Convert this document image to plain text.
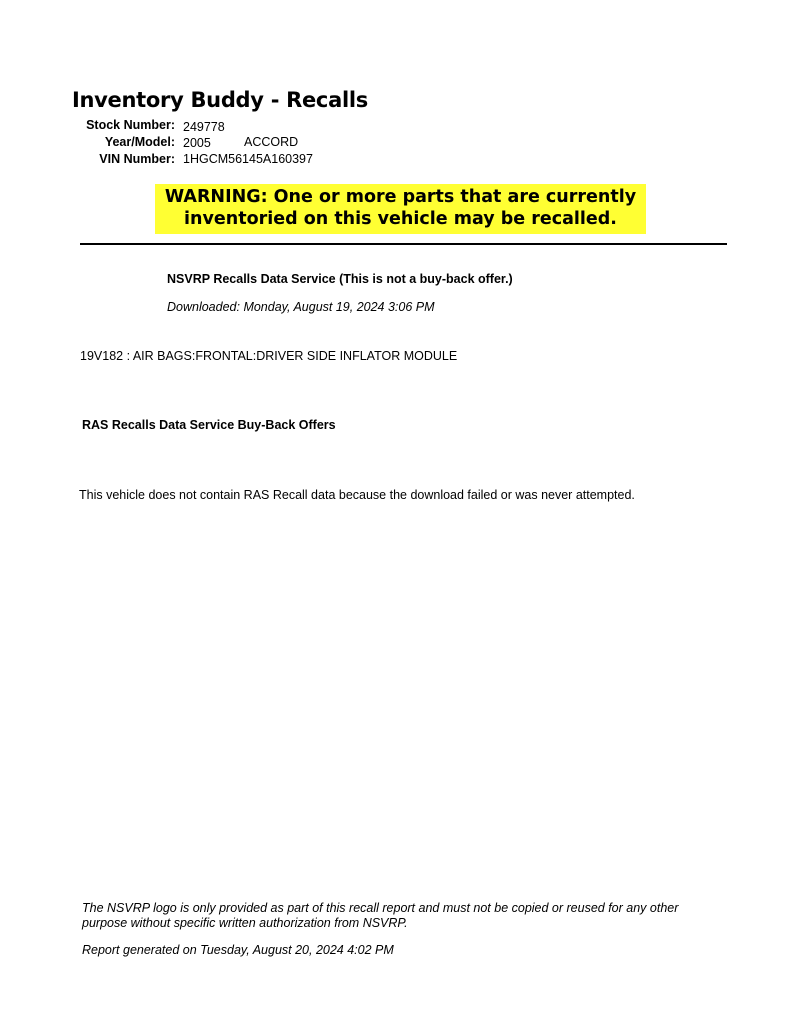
Inventory Buddy - Recalls
Stock Number: 249778
Year/Model: 2005	ACCORD
VIN Number: 1HGCM56145A160397
WARNING: One or more parts that are currently
inventoried on this vehicle may be recalled.
NSVRP Recalls Data Service (This is not a buy-back offer.)
Downloaded: Monday, August 19, 2024 3:06 PM
19V182 : AIR BAGS:FRONTAL:DRIVER SIDE INFLATOR MODULE
RAS Recalls Data Service Buy-Back Offers
This vehicle does not contain RAS Recall data because the download failed or was never attempted.
The NSVRP logo is only provided as part of this recall report and must not be copied or reused for any other purpose without specific written authorization from NSVRP.
Report generated on Tuesday, August 20, 2024 4:02 PM
